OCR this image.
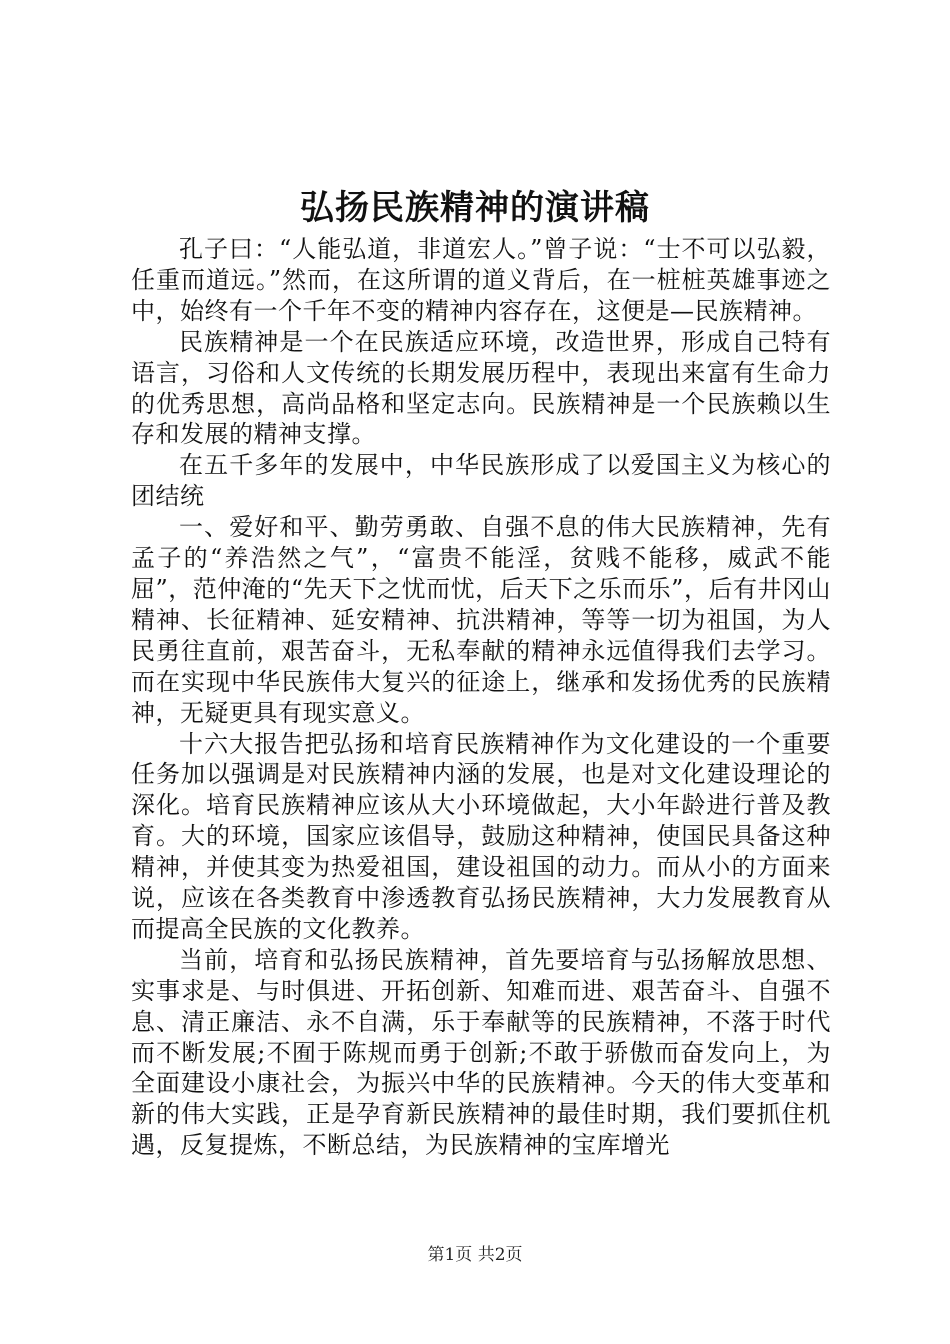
弘扬民族精神的演讲稿

孔子曰：“人能弘道，非道宏人。”曾子说：“士不可以弘毅，任重而道远。”然而，在这所谓的道义背后，在一桩桩英雄事迹之中，始终有一个千年不变的精神内容存在，这便是—民族精神。

民族精神是一个在民族适应环境，改造世界，形成自己特有语言，习俗和人文传统的长期发展历程中，表现出来富有生命力的优秀思想，高尚品格和坚定志向。民族精神是一个民族赖以生存和发展的精神支撑。

在五千多年的发展中，中华民族形成了以爱国主义为核心的团结统

一、爱好和平、勤劳勇敢、自强不息的伟大民族精神，先有孟子的“养浩然之气”，“富贵不能淫，贫贱不能移，威武不能屈”，范仲淹的“先天下之忧而忧，后天下之乐而乐”，后有井冈山精神、长征精神、延安精神、抗洪精神，等等一切为祖国，为人民勇往直前，艰苦奋斗，无私奉献的精神永远值得我们去学习。而在实现中华民族伟大复兴的征途上，继承和发扬优秀的民族精神，无疑更具有现实意义。

十六大报告把弘扬和培育民族精神作为文化建设的一个重要任务加以强调是对民族精神内涵的发展，也是对文化建设理论的深化。培育民族精神应该从大小环境做起，大小年龄进行普及教育。大的环境，国家应该倡导，鼓励这种精神，使国民具备这种精神，并使其变为热爱祖国，建设祖国的动力。而从小的方面来说，应该在各类教育中渗透教育弘扬民族精神，大力发展教育从而提高全民族的文化教养。

当前，培育和弘扬民族精神，首先要培育与弘扬解放思想、实事求是、与时俱进、开拓创新、知难而进、艰苦奋斗、自强不息、清正廉洁、永不自满，乐于奉献等的民族精神，不落于时代而不断发展;不囿于陈规而勇于创新;不敢于骄傲而奋发向上，为全面建设小康社会，为振兴中华的民族精神。今天的伟大变革和新的伟大实践，正是孕育新民族精神的最佳时期，我们要抓住机遇，反复提炼，不断总结，为民族精神的宝库增光

第1页 共2页
